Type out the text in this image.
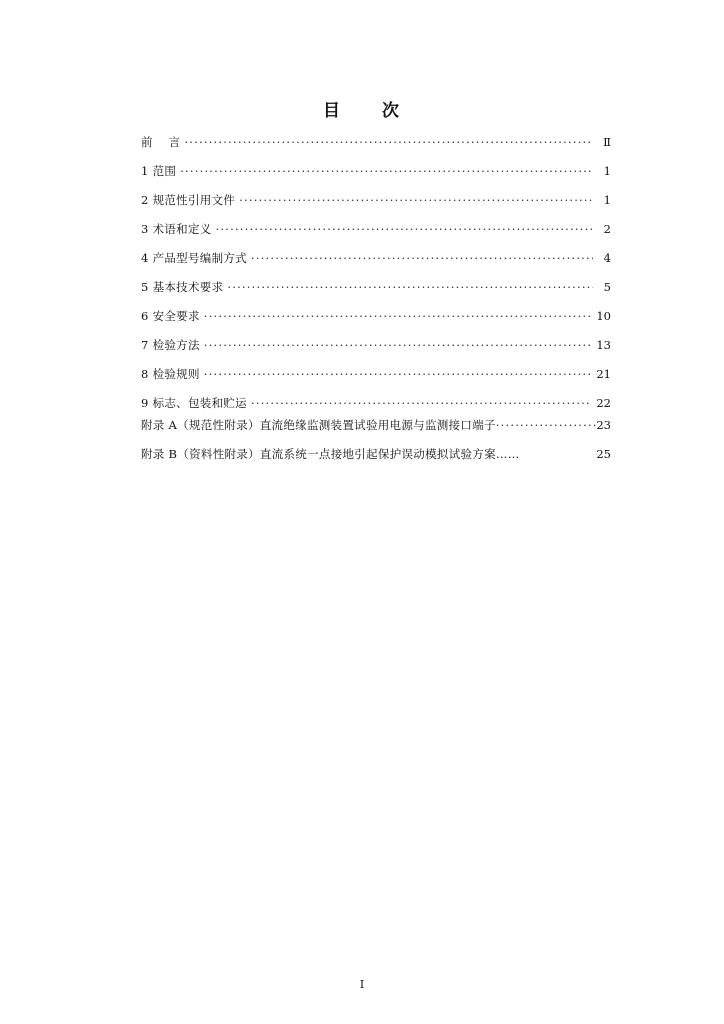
目 次
前    言 ·····	Ⅱ
1 范围 ·····	1
2 规范性引用文件 ·····	1
3 术语和定义 ·····	2
4 产品型号编制方式 ·····	4
5 基本技术要求 ·····	5
6 安全要求 ·····	10
7 检验方法 ·····	13
8 检验规则 ·····	21
9 标志、包装和贮运 ·····	22
附录 A（规范性附录）直流绝缘监测装置试验用电源与监测接口端子 ·····	23
附录 B（资料性附录）直流系统一点接地引起保护误动模拟试验方案……	25
I
